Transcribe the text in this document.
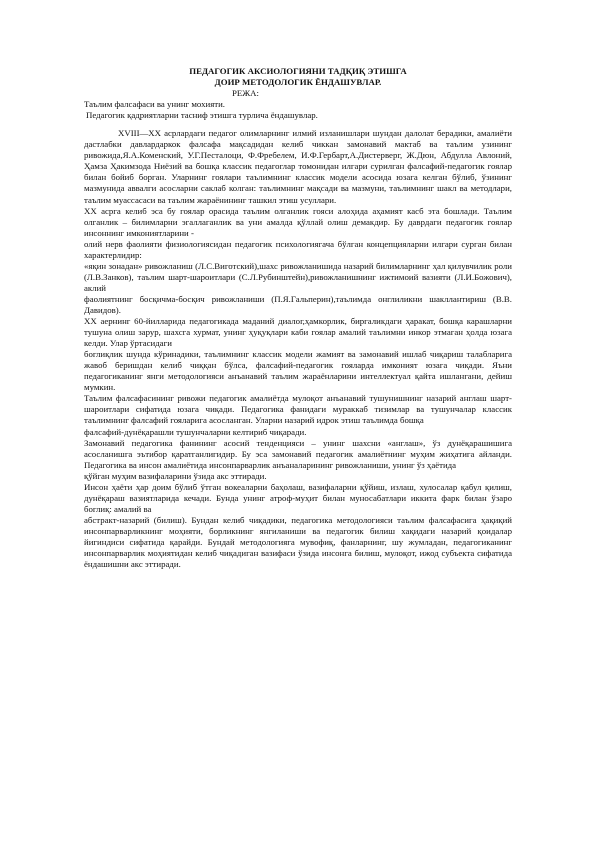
ПЕДАГОГИК АКСИОЛОГИЯНИ ТАДҚИҚ ЭТИШГА

ДОИР МЕТОДОЛОГИК ЁНДАШУВЛАР.

РЕЖА:

Таълим фалсафаси ва унинг мохияти.

Педагогик қадриятларни тасниф этишга турлича ёндашувлар.

XVIII—XX асрлардаги педагог олимларнинг илмий изланишлари шундан далолат берадики, амалиёти дастлабки давлардаркок фалсафа мақсадидан келиб чиккан замонавий мактаб ва таълим узининг ривожида,Я.А.Коменский, У.Г.Песталоци, Ф.Фребелем, И.Ф.Гербарт,А.Дистерверг, Ж.Дюн, Абдулла Авлоний, Ҳамза Ҳакимзода Ниёзий ва бошқа классик педагоглар томонидан илгари сурилган фалсафий-педагогик гоялар билан бойиб борган. Уларнинг гоялари таълимнинг классик модели асосида юзага келган бўлиб, ўзининг мазмунида аввалги асосларни саклаб колган: таълимнинг мақсади ва мазмуни, таълимнинг шакл ва методлари, таълим муассасаси ва таълим жараёнининг ташкил этиш усуллари.

XX асрга келиб эса бу гоялар орасида таълим олганлик гояси алоҳида аҳамият касб эта бошлади. Таълим олганлик – билимларни эгаллаганлик ва уни амалда қўллай олиш демакдир. Бу даврдаги педагогик гоялар инсоннинг имкониятларини -

олий нерв фаолияти физиологиясидан педагогик психологиягача бўлган концепцияларни илгари сурган билан характерлидир:

«яқин зонадан» ривожланиш (Л.С.Виготский),шахс ривожланишида назарий билимларнинг ҳал қилувчилик роли (Л.В.Занков), таълим шарт-шароитлари (С.Л.Рубинштейн),ривожланишнинг ижтимоий вазияти (Л.И.Божович), аклий

фаолиятнинг босқичма-босқич ривожланиши (П.Я.Гальперин),таълимда онглиликни шакллантириш (В.В. Давидов).

XX аернинг 60-йилларида педагогикада маданий диалог,ҳамкорлик, биргаликдаги ҳаракат, бошқа карашларни тушуна олиш зарур, шахсга хурмат, унинг ҳуқуқлари каби гоялар амалий таълимни инкор этмаган ҳолда юзага келди. Улар ўртасидаги

боглиқлик шунда кўринадики, таълимнинг классик модели жамият ва замонавий ишлаб чиқариш талабларига жавоб беришдан келиб чиққан бўлса, фалсафий-педагогик гояларда имконият юзага чиқади. Яъни педагогиканинг янги методологияси анъанавий таълим жараёнларини интеллектуал қайта ишлангани, дейиш мумкин.

Таълим фалсафасининг ривожи педагогик амалиётда мулоқот анъанавий тушунишнинг назарий англаш шарт-шароитлари сифатида юзага чиқади. Педагогика фанидаги мураккаб тизимлар ва тушунчалар классик таълимнинг фалсафий гояларига асосланган. Уларни назарий идрок этиш таълимда бошқа

фалсафий-дунёқарашли тушунчаларни келтириб чиқаради.

Замонавий педагогика фанининг асосий тенденцияси – унинг шахсни «англаш», ўз дунёқарашишига асосланишга эътибор қаратганлигидир. Бу эса замонавий педагогик амалиётнинг муҳим жиҳатига айланди. Педагогика ва инсон амалиётида инсонпарварлик анъаналарининг ривожланиши, унинг ўз ҳаётида

қўйган муҳим вазифаларини ўзида акс эттиради.

Инсон ҳаёти ҳар доим бўлиб ўтган вокеаларни баҳолаш, вазифаларни қўйиш, излаш, хулосалар қабул қилиш, дунёқараш вазиятларида кечади. Бунда унинг атроф-муҳит билан муносабатлари иккита фарк билан ўзаро боглиқ: амалий ва

абстракт-назарий (билиш). Бундан келиб чиқадики, педагогика методологияси таълим фалсафасига ҳақиқий инсонпарварликнинг моҳияти, борликнинг янгиланиши ва педагогик билиш хақидаги назарий қоидалар йигиндиси сифатида қарайди. Бундай методологияга мувофиқ, фанларнинг, шу жумладан, педагогиканинг инсонпарварлик моҳиятидан келиб чиқадиган вазифаси ўзида инсонга билиш, мулоқот, ижод субъекта сифатида ёндашишни акс эттиради.
